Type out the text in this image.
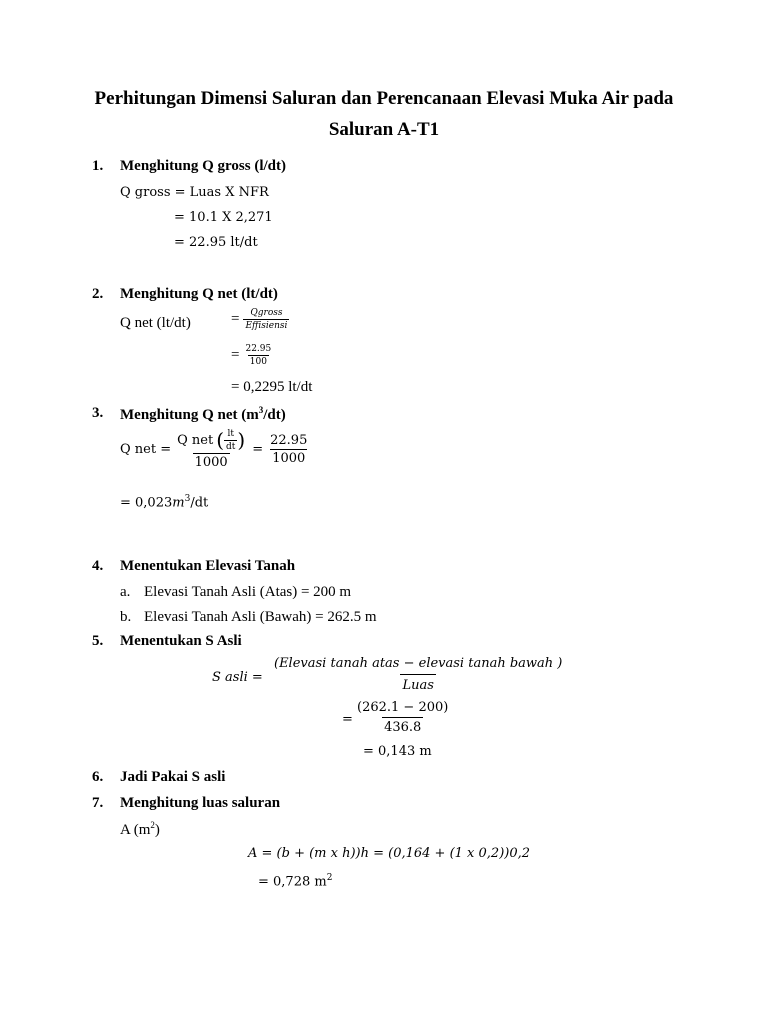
Perhitungan Dimensi Saluran dan Perencanaan Elevasi Muka Air pada
Saluran A-T1
1. Menghitung Q gross (l/dt)
Q gross = Luas X NFR
= 10.1 X 2,271
= 22.95 lt/dt
2. Menghitung Q net (lt/dt)
Q net (lt/dt)	= $\frac{\text{Qgross}}{\text{Effisiensi}}$
= $\frac{22.95}{100}$
= 0,2295 lt/dt
3. Menghitung Q net $(m^3/dt)$
Q net = $\frac{Q net ( \frac{lt}{dt} )}{1000} = \frac{22.95}{1000}$
= $0,023m^3/dt$
4. Menentukan Elevasi Tanah
a. Elevasi Tanah Asli (Atas) = 200 m
b. Elevasi Tanah Asli (Bawah) = 262.5 m
5. Menentukan S Asli
S asli = $\frac{\text{(Elevasi tanah atas − elevasi tanah bawah )}}{\text{Luas}}$
= $\frac{(262.1 - 200)}{436.8}$
= 0,143 m
6. Jadi Pakai S asli
7. Menghitung luas saluran
A $(m^2)$
A = (b + (m x h))h = (0,164 + (1 x 0,2))0,2
= 0,728 $m^2$
